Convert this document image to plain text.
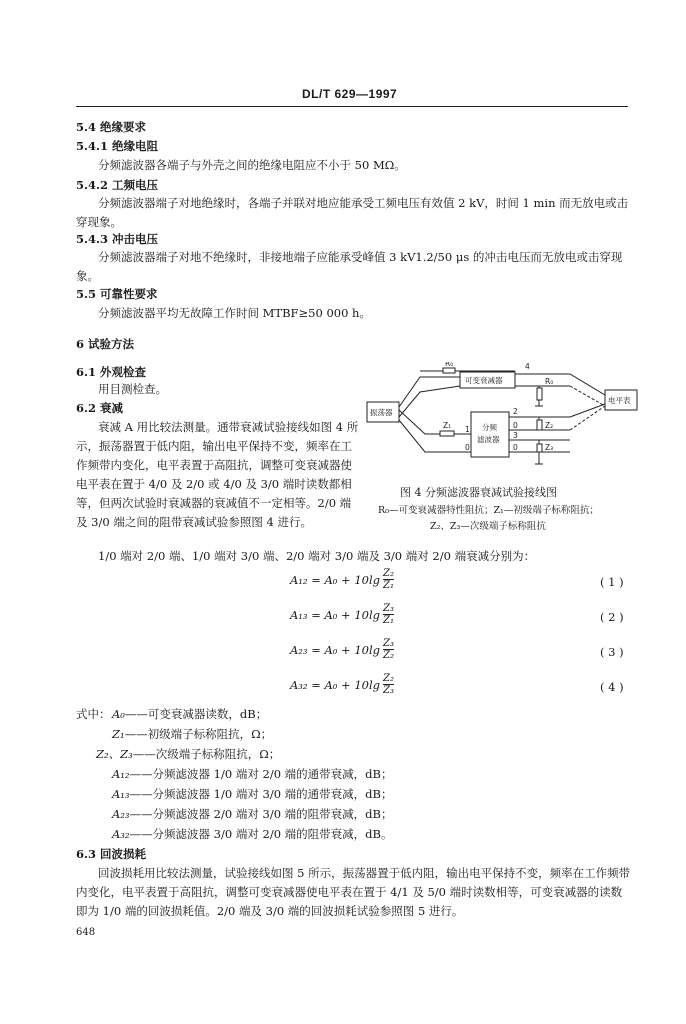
DL/T 629—1997
5.4 绝缘要求
5.4.1 绝缘电阻
分频滤波器各端子与外壳之间的绝缘电阻应不小于 50 MΩ。
5.4.2 工频电压
分频滤波器端子对地绝缘时，各端子并联对地应能承受工频电压有效值 2 kV，时间 1 min 而无放电或击穿现象。
5.4.3 冲击电压
分频滤波器端子对地不绝缘时，非接地端子应能承受峰值 3 kV1.2/50 μs 的冲击电压而无放电或击穿现象。
5.5 可靠性要求
分频滤波器平均无故障工作时间 MTBF≥50 000 h。
6 试验方法
6.1 外观检查
用目测检查。
6.2 衰减
衰减 A 用比较法测量。通带衰减试验接线如图 4 所示，振荡器置于低内阻，输出电平保持不变，频率在工作频带内变化，电平表置于高阻抗，调整可变衰减器使电平表在置于 4/0 及 2/0 或 4/0 及 3/0 端时读数都相等，但两次试验时衰减器的衰减值不一定相等。2/0 端及 3/0 端之间的阻带衰减试验参照图 4 进行。
振荡器
电平表
可变衰减器
分频
滤波器
R₀
R₀
Z₁	Z₂
Z₃
4
1
0
2
0
3
0
图 4 分频滤波器衰减试验接线图
R₀—可变衰减器特性阻抗；Z₁—初级端子标称阻抗；
Z₂、Z₃—次级端子标称阻抗
1/0 端对 2/0 端、1/0 端对 3/0 端、2/0 端对 3/0 端及 3/0 端对 2/0 端衰减分别为：
A₁₂
= $A_0 + 10\lg \frac{\text{Z₂}}{\text{Z₁}}$	( 1 )
A₁₃
= $A_0 + 10\lg \frac{\text{Z₃}}{\text{Z₁}}$	( 2 )
A₂₃
= $A_0 + 10\lg \frac{\text{Z₃}}{\text{Z₂}}$	( 3 )
A₃₂
= $A_0 + 10\lg \frac{\text{Z₂}}{\text{Z₃}}$	( 4 )
式中： A₀——可变衰减器读数，dB；
Z₁——初级端子标称阻抗，Ω；
Z₂、Z₃——次级端子标称阻抗，Ω；
A₁₂——分频滤波器 1/0 端对 2/0 端的通带衰减，dB；
A₁₃——分频滤波器 1/0 端对 3/0 端的通带衰减，dB；
A₂₃——分频滤波器 2/0 端对 3/0 端的阻带衰减，dB；
A₃₂——分频滤波器 3/0 端对 2/0 端的阻带衰减，dB。
6.3 回波损耗
回波损耗用比较法测量，试验接线如图 5 所示，振荡器置于低内阻，输出电平保持不变，频率在工作频带内变化，电平表置于高阻抗，调整可变衰减器使电平表在置于 4/1 及 5/0 端时读数相等，可变衰减器的读数即为 1/0 端的回波损耗值。2/0 端及 3/0 端的回波损耗试验参照图 5 进行。
648
